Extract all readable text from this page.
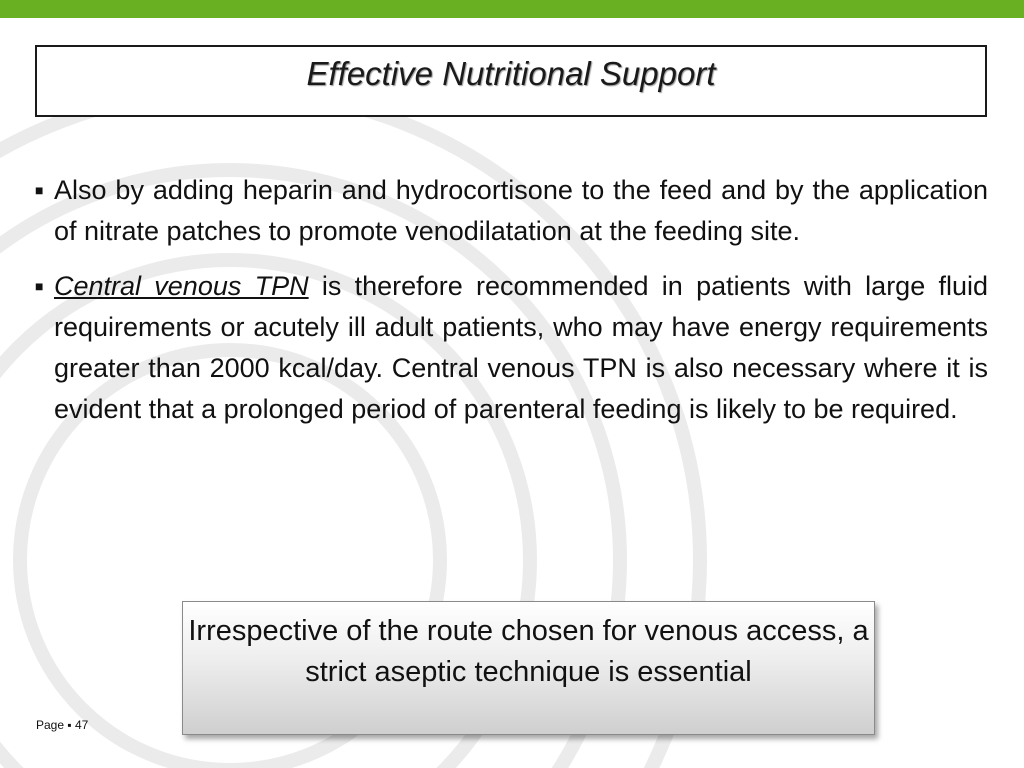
Effective Nutritional Support
■ Also by adding heparin and hydrocortisone to the feed and by the application of nitrate patches to promote venodilatation at the feeding site.
■ Central venous TPN is therefore recommended in patients with large fluid requirements or acutely ill adult patients, who may have energy requirements greater than 2000 kcal/day. Central venous TPN is also necessary where it is evident that a prolonged period of parenteral feeding is likely to be required.
Irrespective of the route chosen for venous access, a strict aseptic technique is essential
Page ▪ 47
